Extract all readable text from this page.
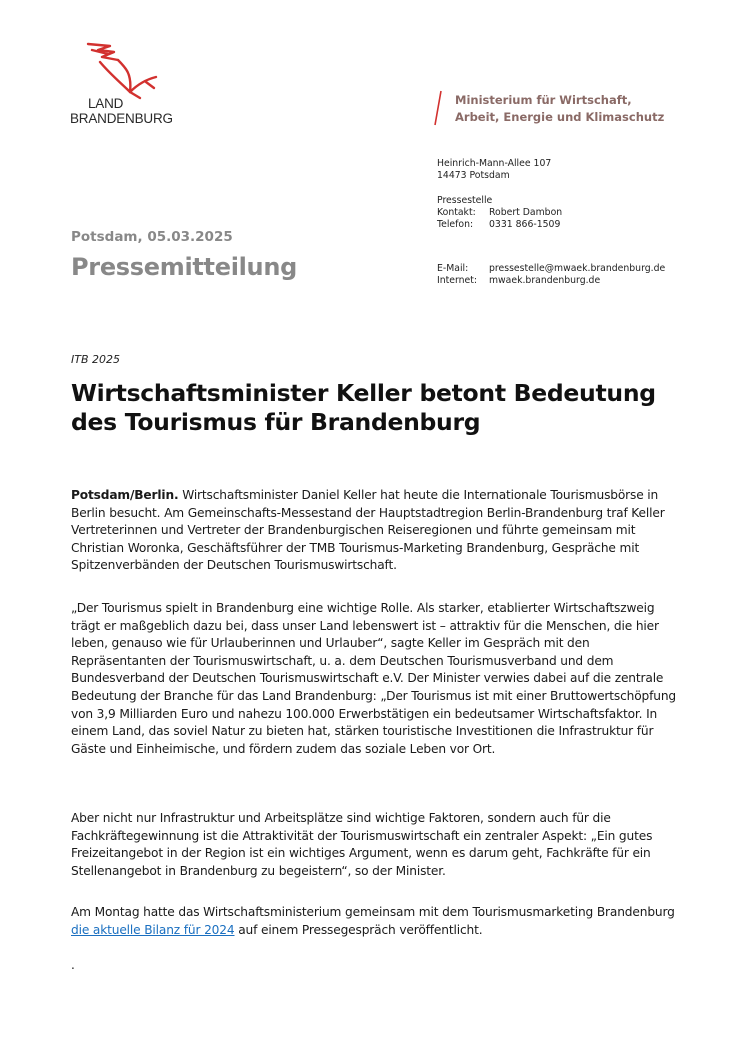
LAND
BRANDENBURG
Ministerium für Wirtschaft,
Arbeit, Energie und Klimaschutz
Heinrich-Mann-Allee 107
14473 Potsdam
Pressestelle
Kontakt:	Robert Dambon
Telefon:	0331 866-1509
E-Mail:	pressestelle@mwaek.brandenburg.de
Internet:	mwaek.brandenburg.de
Potsdam, 05.03.2025
Pressemitteilung
ITB 2025
Wirtschaftsminister Keller betont Bedeutung des Tourismus für Brandenburg
Potsdam/Berlin. Wirtschaftsminister Daniel Keller hat heute die Internationale Tourismusbörse in Berlin besucht. Am Gemeinschafts-Messestand der Hauptstadtregion Berlin-Brandenburg traf Keller Vertreterinnen und Vertreter der Brandenburgischen Reiseregionen und führte gemeinsam mit Christian Woronka, Geschäftsführer der TMB Tourismus-Marketing Brandenburg, Gespräche mit Spitzenverbänden der Deutschen Tourismuswirtschaft.
„Der Tourismus spielt in Brandenburg eine wichtige Rolle. Als starker, etablierter Wirtschaftszweig trägt er maßgeblich dazu bei, dass unser Land lebenswert ist – attraktiv für die Menschen, die hier leben, genauso wie für Urlauberinnen und Urlauber“, sagte Keller im Gespräch mit den Repräsentanten der Tourismuswirtschaft, u. a. dem Deutschen Tourismusverband und dem Bundesverband der Deutschen Tourismuswirtschaft e.V. Der Minister verwies dabei auf die zentrale Bedeutung der Branche für das Land Brandenburg: „Der Tourismus ist mit einer Bruttowertschöpfung von 3,9 Milliarden Euro und nahezu 100.000 Erwerbstätigen ein bedeutsamer Wirtschaftsfaktor. In einem Land, das soviel Natur zu bieten hat, stärken touristische Investitionen die Infrastruktur für Gäste und Einheimische, und fördern zudem das soziale Leben vor Ort.
Aber nicht nur Infrastruktur und Arbeitsplätze sind wichtige Faktoren, sondern auch für die Fachkräftegewinnung ist die Attraktivität der Tourismuswirtschaft ein zentraler Aspekt: „Ein gutes Freizeitangebot in der Region ist ein wichtiges Argument, wenn es darum geht, Fachkräfte für ein Stellenangebot in Brandenburg zu begeistern“, so der Minister.
Am Montag hatte das Wirtschaftsministerium gemeinsam mit dem Tourismusmarketing Brandenburg die aktuelle Bilanz für 2024 auf einem Pressegespräch veröffentlicht.
.
